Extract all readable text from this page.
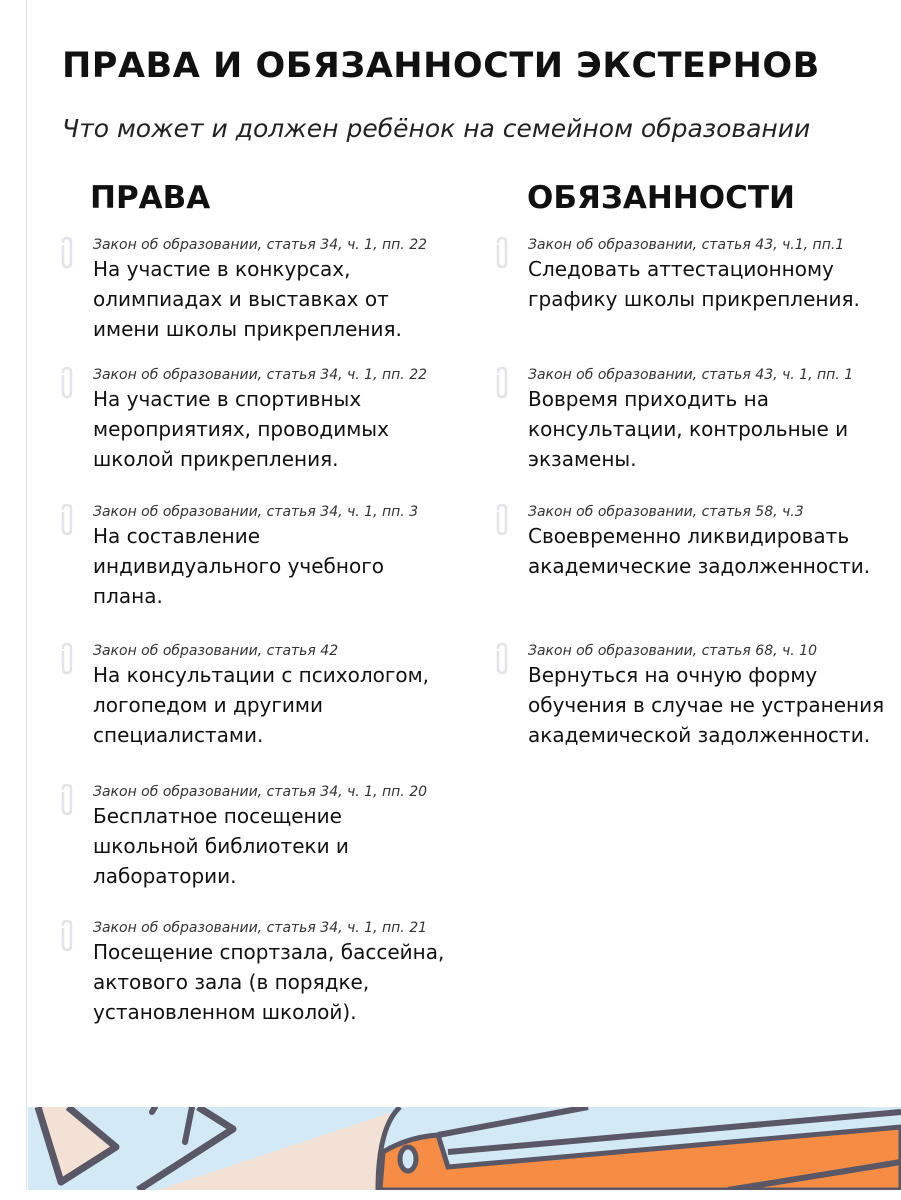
ПРАВА И ОБЯЗАННОСТИ ЭКСТЕРНОВ
Что может и должен ребёнок на семейном образовании
ПРАВА	ОБЯЗАННОСТИ
Закон об образовании, статья 34, ч. 1, пп. 22
На участие в конкурсах, олимпиадах и выставках от имени школы прикрепления.
Закон об образовании, статья 34, ч. 1, пп. 22
На участие в спортивных мероприятиях, проводимых школой прикрепления.
Закон об образовании, статья 34, ч. 1, пп. 3
На составление индивидуального учебного плана.
Закон об образовании, статья 42
На консультации с психологом, логопедом и другими специалистами.
Закон об образовании, статья 34, ч. 1, пп. 20
Бесплатное посещение школьной библиотеки и лаборатории.
Закон об образовании, статья 34, ч. 1, пп. 21
Посещение спортзала, бассейна, актового зала (в порядке, установленном школой).
Закон об образовании, статья 43, ч.1, пп.1
Следовать аттестационному графику школы прикрепления.
Закон об образовании, статья 43, ч. 1, пп. 1
Вовремя приходить на консультации, контрольные и экзамены.
Закон об образовании, статья 58, ч.3
Своевременно ликвидировать академические задолженности.
Закон об образовании, статья 68, ч. 10
Вернуться на очную форму обучения в случае не устранения академической задолженности.
